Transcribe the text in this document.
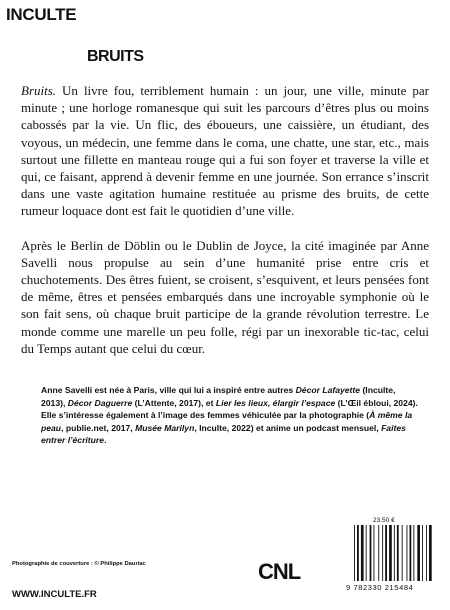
INCULTE
BRUITS

Bruits. Un livre fou, terriblement humain : un jour, une ville, minute par minute ; une horloge romanesque qui suit les parcours d’êtres plus ou moins cabossés par la vie. Un flic, des éboueurs, une caissière, un étudiant, des voyous, un médecin, une femme dans le coma, une chatte, une star, etc., mais surtout une fillette en manteau rouge qui a fui son foyer et traverse la ville et qui, ce faisant, apprend à devenir femme en une journée. Son errance s’inscrit dans une vaste agitation humaine restituée au prisme des bruits, de cette rumeur loquace dont est fait le quotidien d’une ville.

Après le Berlin de Döblin ou le Dublin de Joyce, la cité imaginée par Anne Savelli nous propulse au sein d’une humanité prise entre cris et chuchotements. Des êtres fuient, se croisent, s’esquivent, et leurs pensées font de même, êtres et pensées embarqués dans une incroyable symphonie où le son fait sens, où chaque bruit participe de la grande révolution terrestre. Le monde comme une marelle un peu folle, régi par un inexorable tic-tac, celui du Temps autant que celui du cœur.

Anne Savelli est née à Paris, ville qui lui a inspiré entre autres Décor Lafayette (Inculte, 2013), Décor Daguerre (L’Attente, 2017), et Lier les lieux, élargir l’espace (L’Œil ébloui, 2024). Elle s’intéresse également à l’image des femmes véhiculée par la photographie (À même la peau, publie.net, 2017, Musée Marilyn, Inculte, 2022) et anime un podcast mensuel, Faites entrer l’écriture.
23.50 €
9 782330 215484
Photographie de couverture : © Philippe Dauriac
WWW.INCULTE.FR
CNL
